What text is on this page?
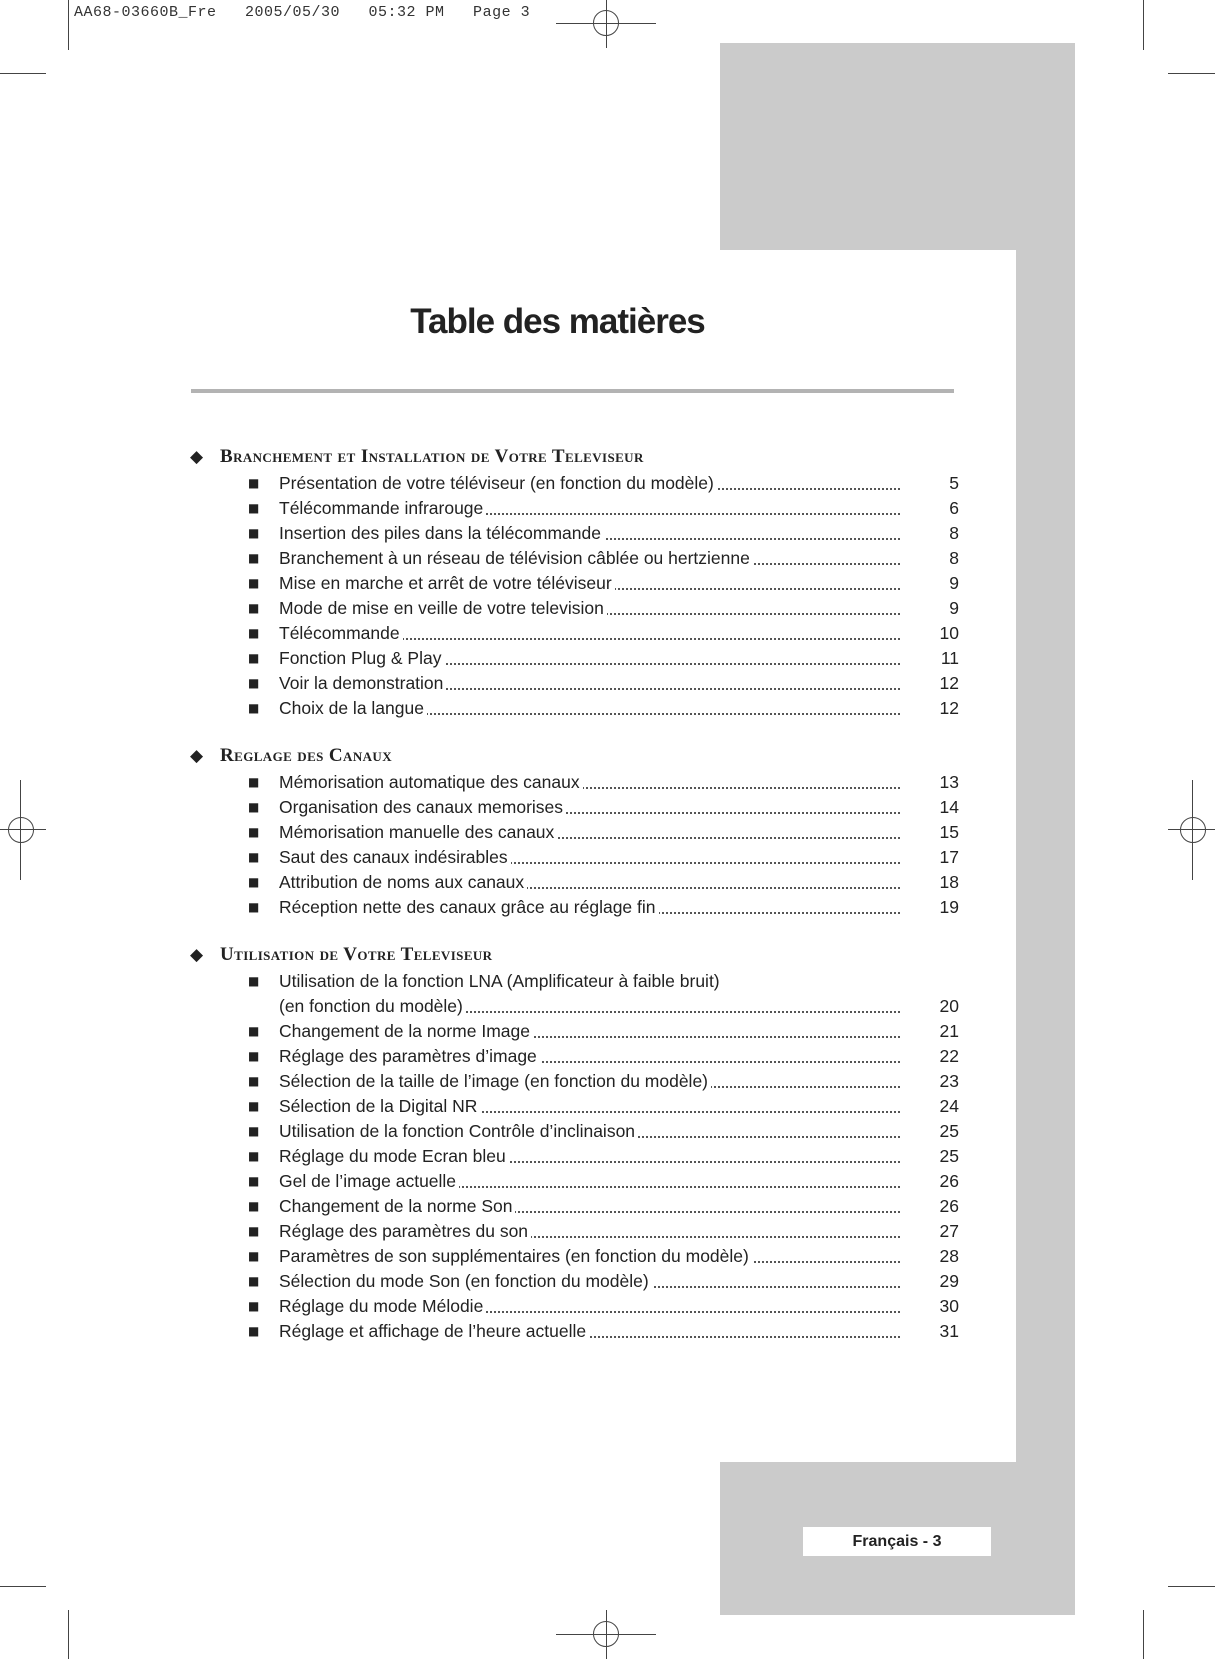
AA68-03660B_Fre   2005/05/30   05:32 PM   Page 3
Table des matières
◆ Branchement et Installation de Votre Televiseur
■ Présentation de votre téléviseur (en fonction du modèle)	5
■ Télécommande infrarouge	6
■ Insertion des piles dans la télécommande	8
■ Branchement à un réseau de télévision câblée ou hertzienne	8
■ Mise en marche et arrêt de votre téléviseur	9
■ Mode de mise en veille de votre television	9
■ Télécommande	10
■ Fonction Plug & Play	11
■ Voir la demonstration	12
■ Choix de la langue	12
◆ Reglage des Canaux
■ Mémorisation automatique des canaux	13
■ Organisation des canaux memorises	14
■ Mémorisation manuelle des canaux	15
■ Saut des canaux indésirables	17
■ Attribution de noms aux canaux	18
■ Réception nette des canaux grâce au réglage fin	19
◆ Utilisation de Votre Televiseur
■ Utilisation de la fonction LNA (Amplificateur à faible bruit)
(en fonction du modèle)	20
■ Changement de la norme Image	21
■ Réglage des paramètres d’image	22
■ Sélection de la taille de l’image (en fonction du modèle)	23
■ Sélection de la Digital NR	24
■ Utilisation de la fonction Contrôle d’inclinaison	25
■ Réglage du mode Ecran bleu	25
■ Gel de l’image actuelle	26
■ Changement de la norme Son	26
■ Réglage des paramètres du son	27
■ Paramètres de son supplémentaires (en fonction du modèle)	28
■ Sélection du mode Son (en fonction du modèle)	29
■ Réglage du mode Mélodie	30
■ Réglage et affichage de l’heure actuelle	31
Français - 3
